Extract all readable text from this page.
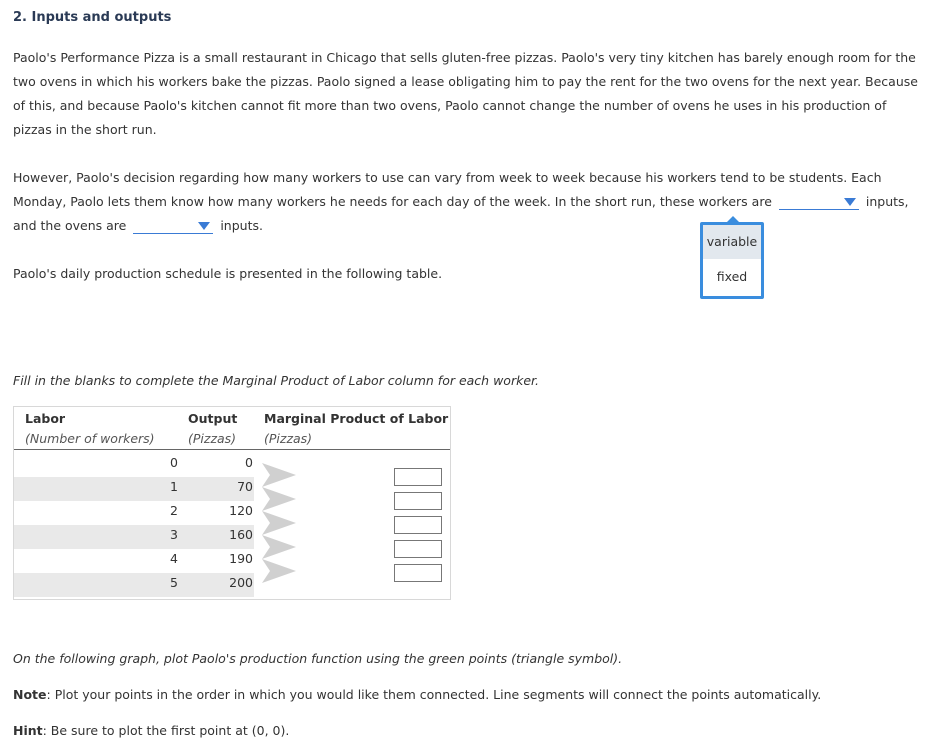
2. Inputs and outputs
Paolo's Performance Pizza is a small restaurant in Chicago that sells gluten-free pizzas. Paolo's very tiny kitchen has barely enough room for the two ovens in which his workers bake the pizzas. Paolo signed a lease obligating him to pay the rent for the two ovens for the next year. Because of this, and because Paolo's kitchen cannot fit more than two ovens, Paolo cannot change the number of ovens he uses in his production of pizzas in the short run.
However, Paolo's decision regarding how many workers to use can vary from week to week because his workers tend to be students. Each Monday, Paolo lets them know how many workers he needs for each day of the week. In the short run, these workers are	inputs, and the ovens are	inputs.
variable
fixed
Paolo's daily production schedule is presented in the following table.
Fill in the blanks to complete the Marginal Product of Labor column for each worker.
Labor
(Number of workers)
Output
(Pizzas)
Marginal Product of Labor
(Pizzas)
0
1
2
3
4
5
0
70
120
160
190
200
On the following graph, plot Paolo's production function using the green points (triangle symbol).
Note: Plot your points in the order in which you would like them connected. Line segments will connect the points automatically.
Hint: Be sure to plot the first point at (0, 0).
